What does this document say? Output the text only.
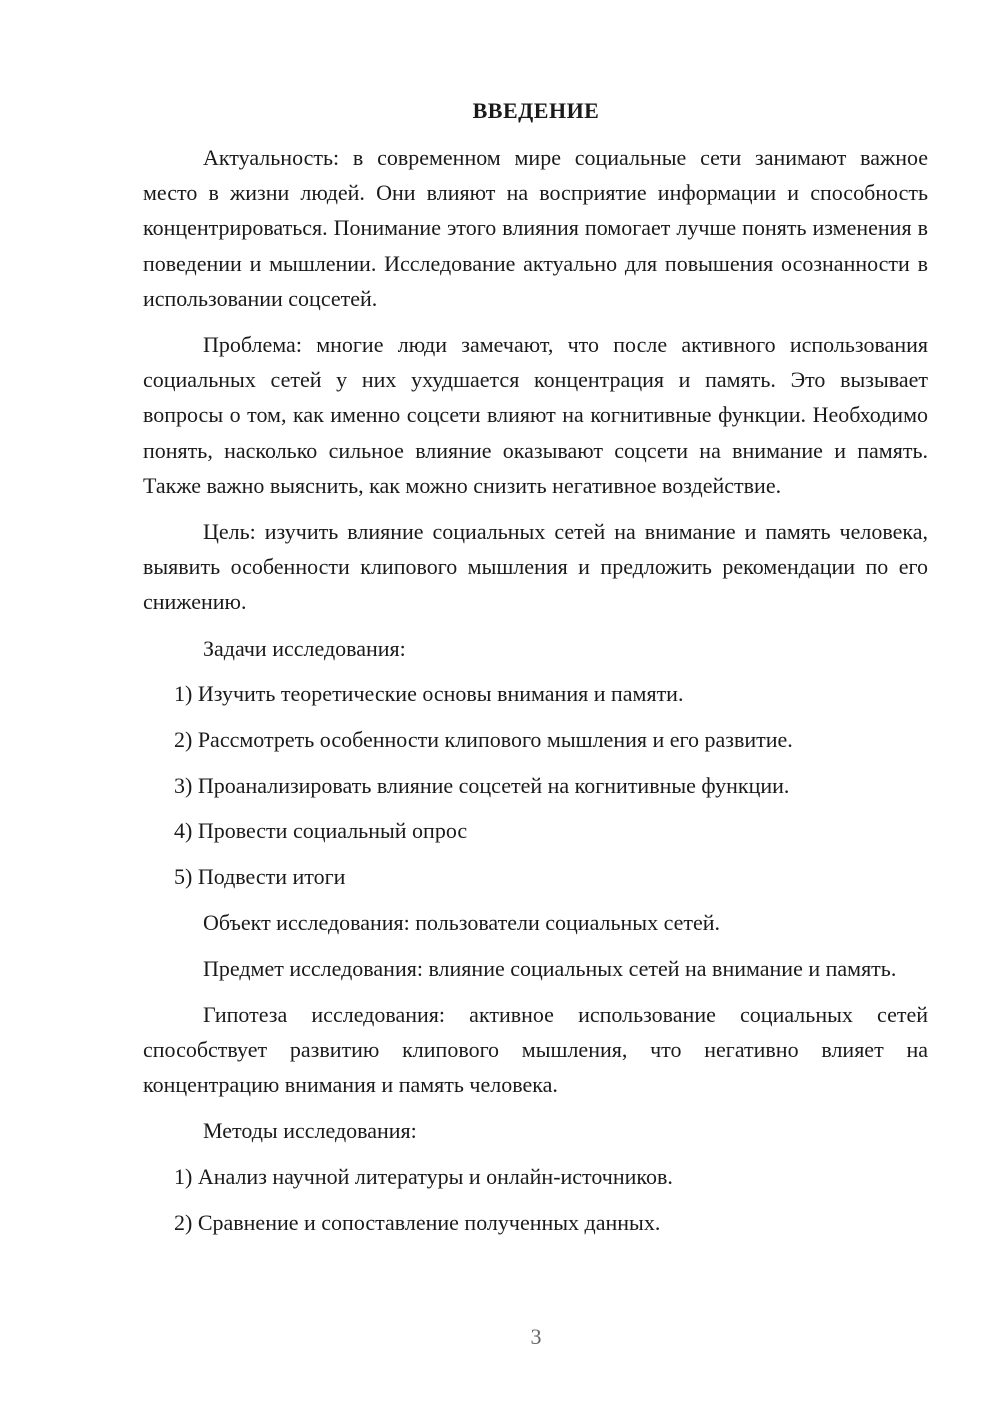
ВВЕДЕНИЕ

Актуальность: в современном мире социальные сети занимают важное место в жизни людей. Они влияют на восприятие информации и способность концентрироваться. Понимание этого влияния помогает лучше понять изменения в поведении и мышлении. Исследование актуально для повышения осознанности в использовании соцсетей.

Проблема: многие люди замечают, что после активного использования социальных сетей у них ухудшается концентрация и память. Это вызывает вопросы о том, как именно соцсети влияют на когнитивные функции. Необходимо понять, насколько сильное влияние оказывают соцсети на внимание и память. Также важно выяснить, как можно снизить негативное воздействие.

Цель: изучить влияние социальных сетей на внимание и память человека, выявить особенности клипового мышления и предложить рекомендации по его снижению.

Задачи исследования:

1) Изучить теоретические основы внимания и памяти.
2) Рассмотреть особенности клипового мышления и его развитие.
3) Проанализировать влияние соцсетей на когнитивные функции.
4) Провести социальный опрос
5) Подвести итоги

Объект исследования: пользователи социальных сетей.

Предмет исследования: влияние социальных сетей на внимание и память.

Гипотеза исследования: активное использование социальных сетей способствует развитию клипового мышления, что негативно влияет на концентрацию внимания и память человека.

Методы исследования:

1) Анализ научной литературы и онлайн-источников.
2) Сравнение и сопоставление полученных данных.
3
